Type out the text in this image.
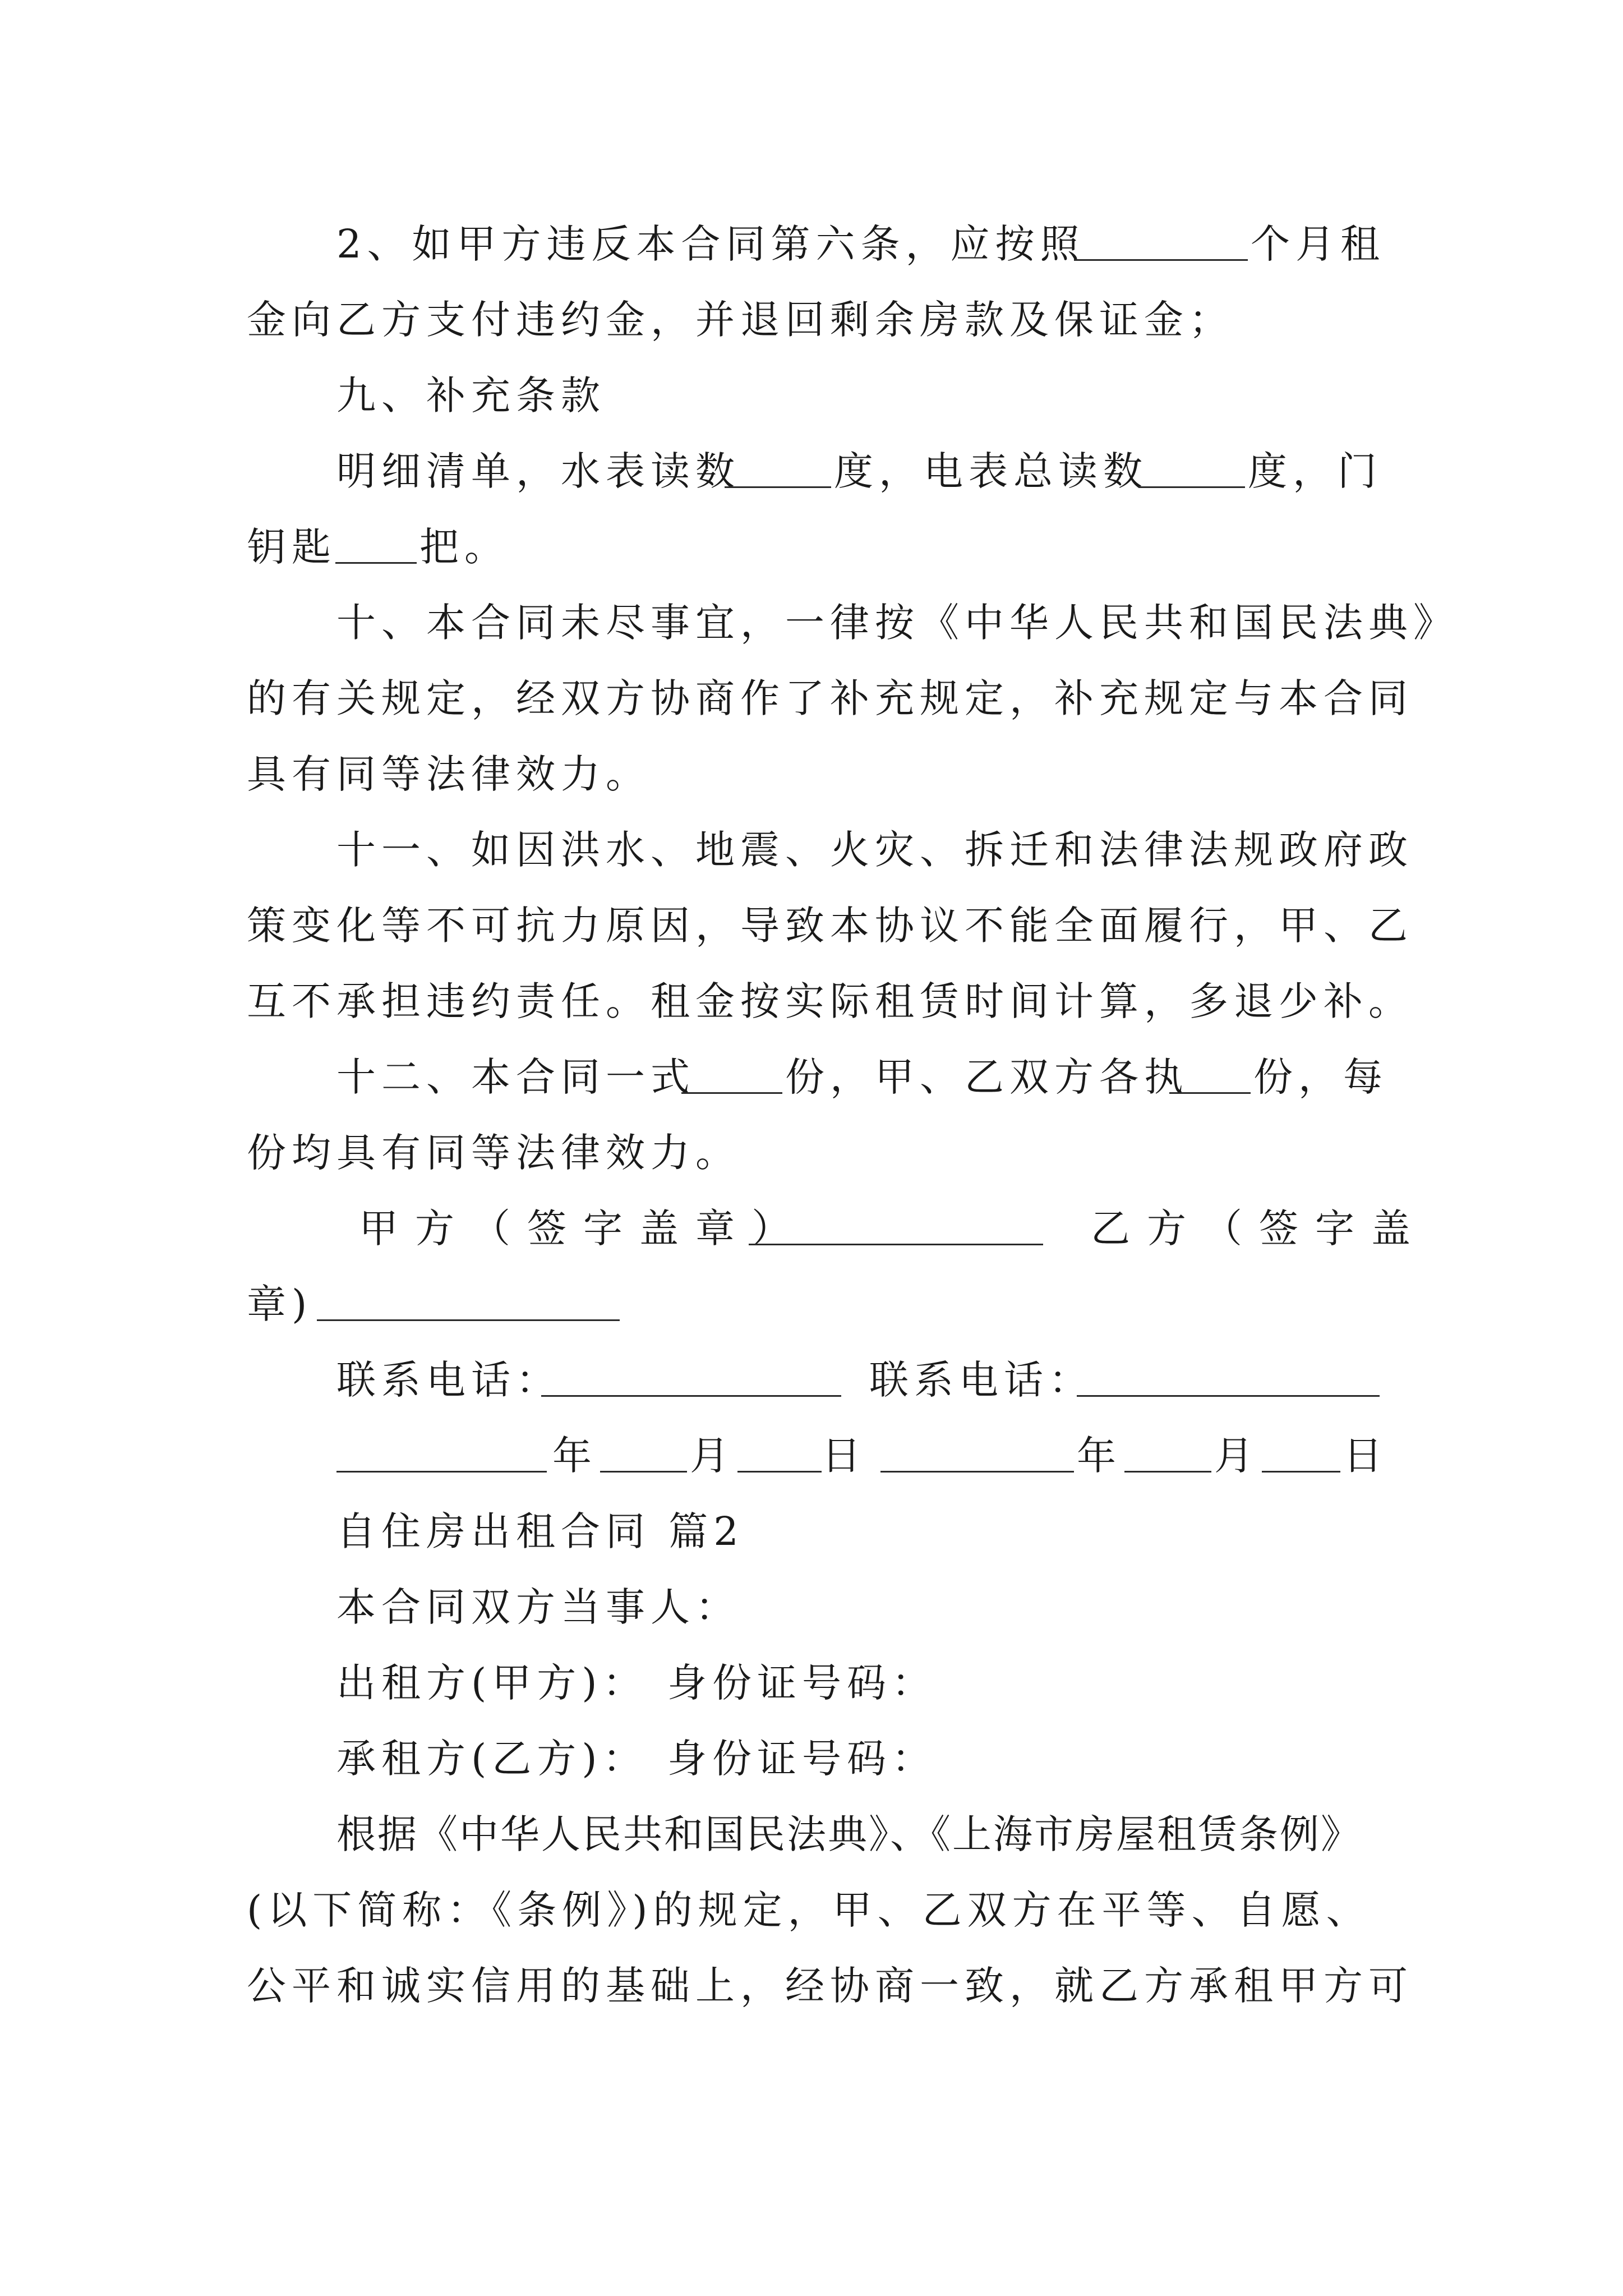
2、如甲方违反本合同第六条，应按照	个月租
金向乙方支付违约金，并退回剩余房款及保证金；
九、补充条款
明细清单，水表读数 度，电表总读数	度，门
钥匙 把。
十、本合同未尽事宜，一律按《中华人民共和国民法典》
的有关规定，经双方协商作了补充规定，补充规定与本合同
具有同等法律效力。
十一、如因洪水、地震、火灾、拆迁和法律法规政府政
策变化等不可抗力原因，导致本协议不能全面履行，甲、乙
互不承担违约责任。租金按实际租赁时间计算，多退少补。
十二、本合同一式 份，甲、乙双方各执 份，每
份均具有同等法律效力。
甲方（签字盖章）	乙方（签字盖
章)
联系电话：	联系电话：
年 月 日	年 月 日
自住房出租合同 篇2
本合同双方当事人：
出租方(甲方)： 身份证号码：
承租方(乙方)： 身份证号码：
根据《中华人民共和国民法典》、《上海市房屋租赁条例》
(以下简称：《条例》)的规定，甲、乙双方在平等、自愿、
公平和诚实信用的基础上，经协商一致，就乙方承租甲方可
